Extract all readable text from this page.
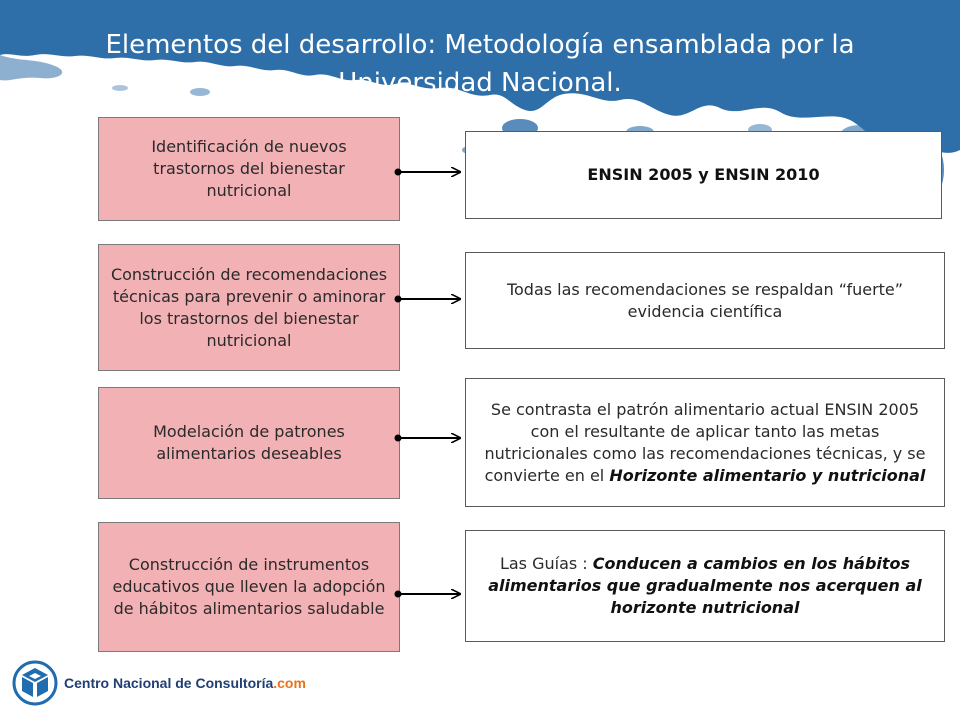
Elementos del desarrollo: Metodología ensamblada por la Universidad Nacional.
Identificación de nuevos trastornos del bienestar nutricional
Construcción de recomendaciones técnicas para prevenir o aminorar los trastornos del bienestar nutricional
Modelación de patrones alimentarios deseables
Construcción de instrumentos educativos que lleven la adopción de hábitos alimentarios saludable
ENSIN 2005 y ENSIN 2010
Todas las recomendaciones se respaldan “fuerte” evidencia científica
Se contrasta el patrón alimentario actual ENSIN 2005 con el resultante de aplicar tanto las metas nutricionales como las recomendaciones técnicas, y se convierte en el Horizonte alimentario y nutricional
Las Guías : Conducen a cambios en los hábitos alimentarios que gradualmente nos acerquen al horizonte nutricional
Centro Nacional de Consultoría.com
